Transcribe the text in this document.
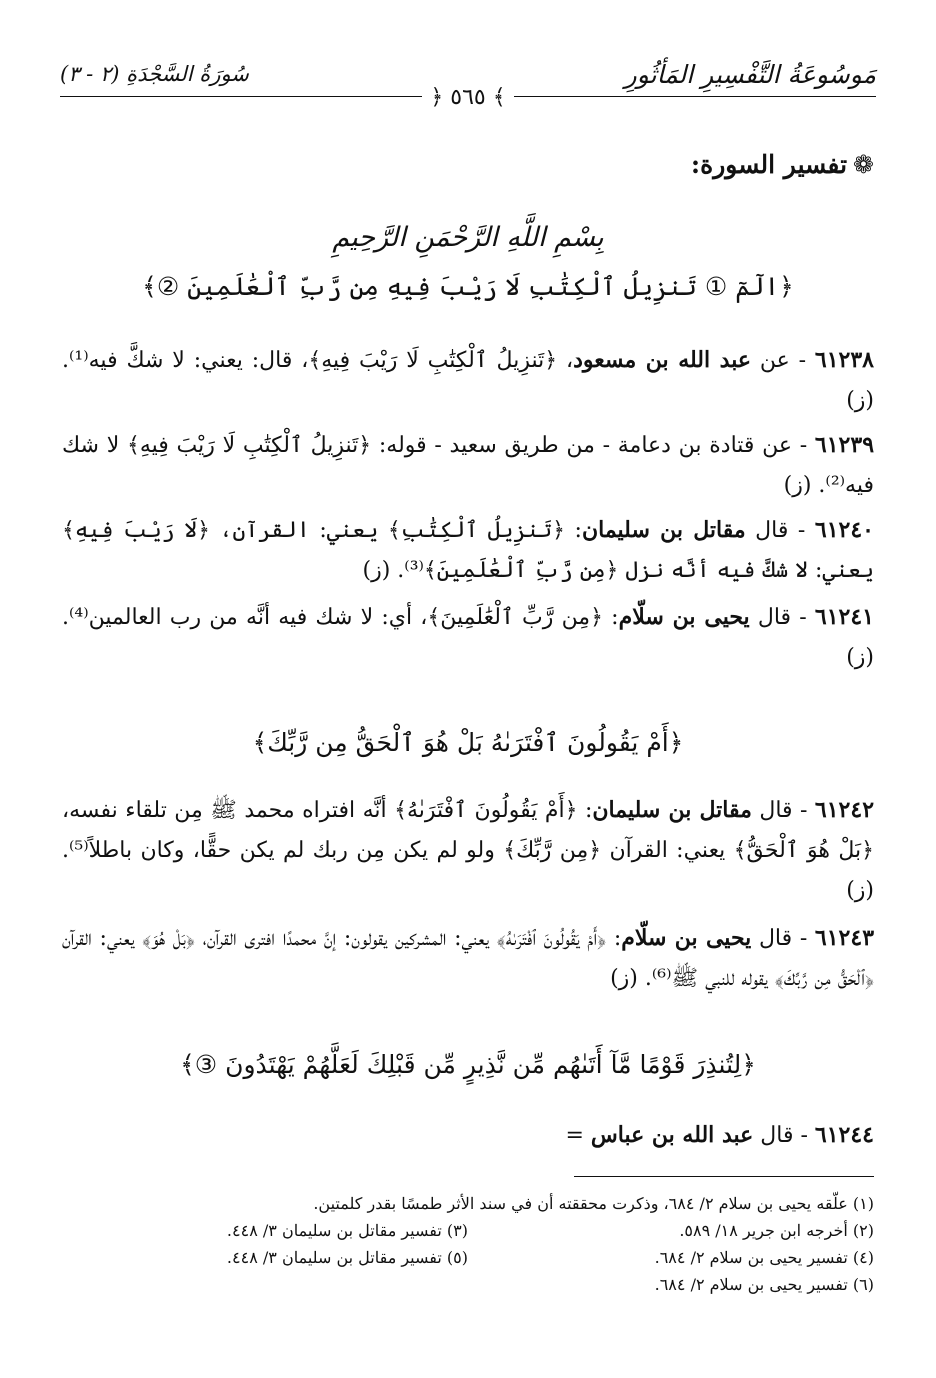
مَوسُوعَةُ التَّفْسِيرِ المَأثُورِ
سُورَةُ السَّجْدَةِ (٢ - ٣)
﴾ ٥٦٥ ﴿
❁تفسير السورة:
بِسْمِ اللَّهِ الرَّحْمَنِ الرَّحِيمِ
﴿الٓمٓ ① تَنزِيلُ ٱلْكِتَٰبِ لَا رَيْبَ فِيهِ مِن رَّبِّ ٱلْعَٰلَمِينَ ②﴾
٦١٢٣٨ - عن عبد الله بن مسعود، ﴿تَنزِيلُ ٱلْكِتَٰبِ لَا رَيْبَ فِيهِ﴾، قال: يعني: لا شكَّ فيه⁽¹⁾. (ز)
٦١٢٣٩ - عن قتادة بن دعامة - من طريق سعيد - قوله: ﴿تَنزِيلُ ٱلْكِتَٰبِ لَا رَيْبَ فِيهِ﴾ لا شك فيه⁽²⁾. (ز)
٦١٢٤٠ - قال مقاتل بن سليمان: ﴿تَنزِيلُ ٱلْكِتَٰبِ﴾ يعني: القرآن، ﴿لَا رَيْبَ فِيهِ﴾ يعني: لا شكَّ فيه أنَّه نزل ﴿مِن رَّبِّ ٱلْعَٰلَمِينَ﴾⁽³⁾. (ز)
٦١٢٤١ - قال يحيى بن سلّام: ﴿مِن رَّبِّ ٱلْعَٰلَمِينَ﴾، أي: لا شك فيه أنَّه من رب العالمين⁽⁴⁾. (ز)
﴿أَمْ يَقُولُونَ ٱفْتَرَىٰهُ بَلْ هُوَ ٱلْحَقُّ مِن رَّبِّكَ﴾
٦١٢٤٢ - قال مقاتل بن سليمان: ﴿أَمْ يَقُولُونَ ٱفْتَرَىٰهُ﴾ أنَّه افتراه محمد ﷺ مِن تلقاء نفسه، ﴿بَلْ هُوَ ٱلْحَقُّ﴾ يعني: القرآن ﴿مِن رَّبِّكَ﴾ ولو لم يكن مِن ربك لم يكن حقًّا، وكان باطلاً⁽⁵⁾. (ز)
٦١٢٤٣ - قال يحيى بن سلّام: ﴿أَمْ يَقُولُونَ ٱفْتَرَىٰهُ﴾ يعني: المشركين يقولون: إنَّ محمدًا افترى القرآن، ﴿بَلْ هُوَ﴾ يعني: القرآن ﴿ٱلْحَقُّ مِن رَّبِّكَ﴾ يقوله للنبي ﷺ⁽⁶⁾. (ز)
﴿لِتُنذِرَ قَوْمًا مَّآ أَتَىٰهُم مِّن نَّذِيرٍ مِّن قَبْلِكَ لَعَلَّهُمْ يَهْتَدُونَ ③﴾
٦١٢٤٤ - قال عبد الله بن عباس =
(١) علّقه يحيى بن سلام ٢/ ٦٨٤، وذكرت محققته أن في سند الأثر طمسًا بقدر كلمتين.
(٢) أخرجه ابن جرير ١٨/ ٥٨٩.
(٣) تفسير مقاتل بن سليمان ٣/ ٤٤٨.
(٤) تفسير يحيى بن سلام ٢/ ٦٨٤.
(٥) تفسير مقاتل بن سليمان ٣/ ٤٤٨.
(٦) تفسير يحيى بن سلام ٢/ ٦٨٤.
